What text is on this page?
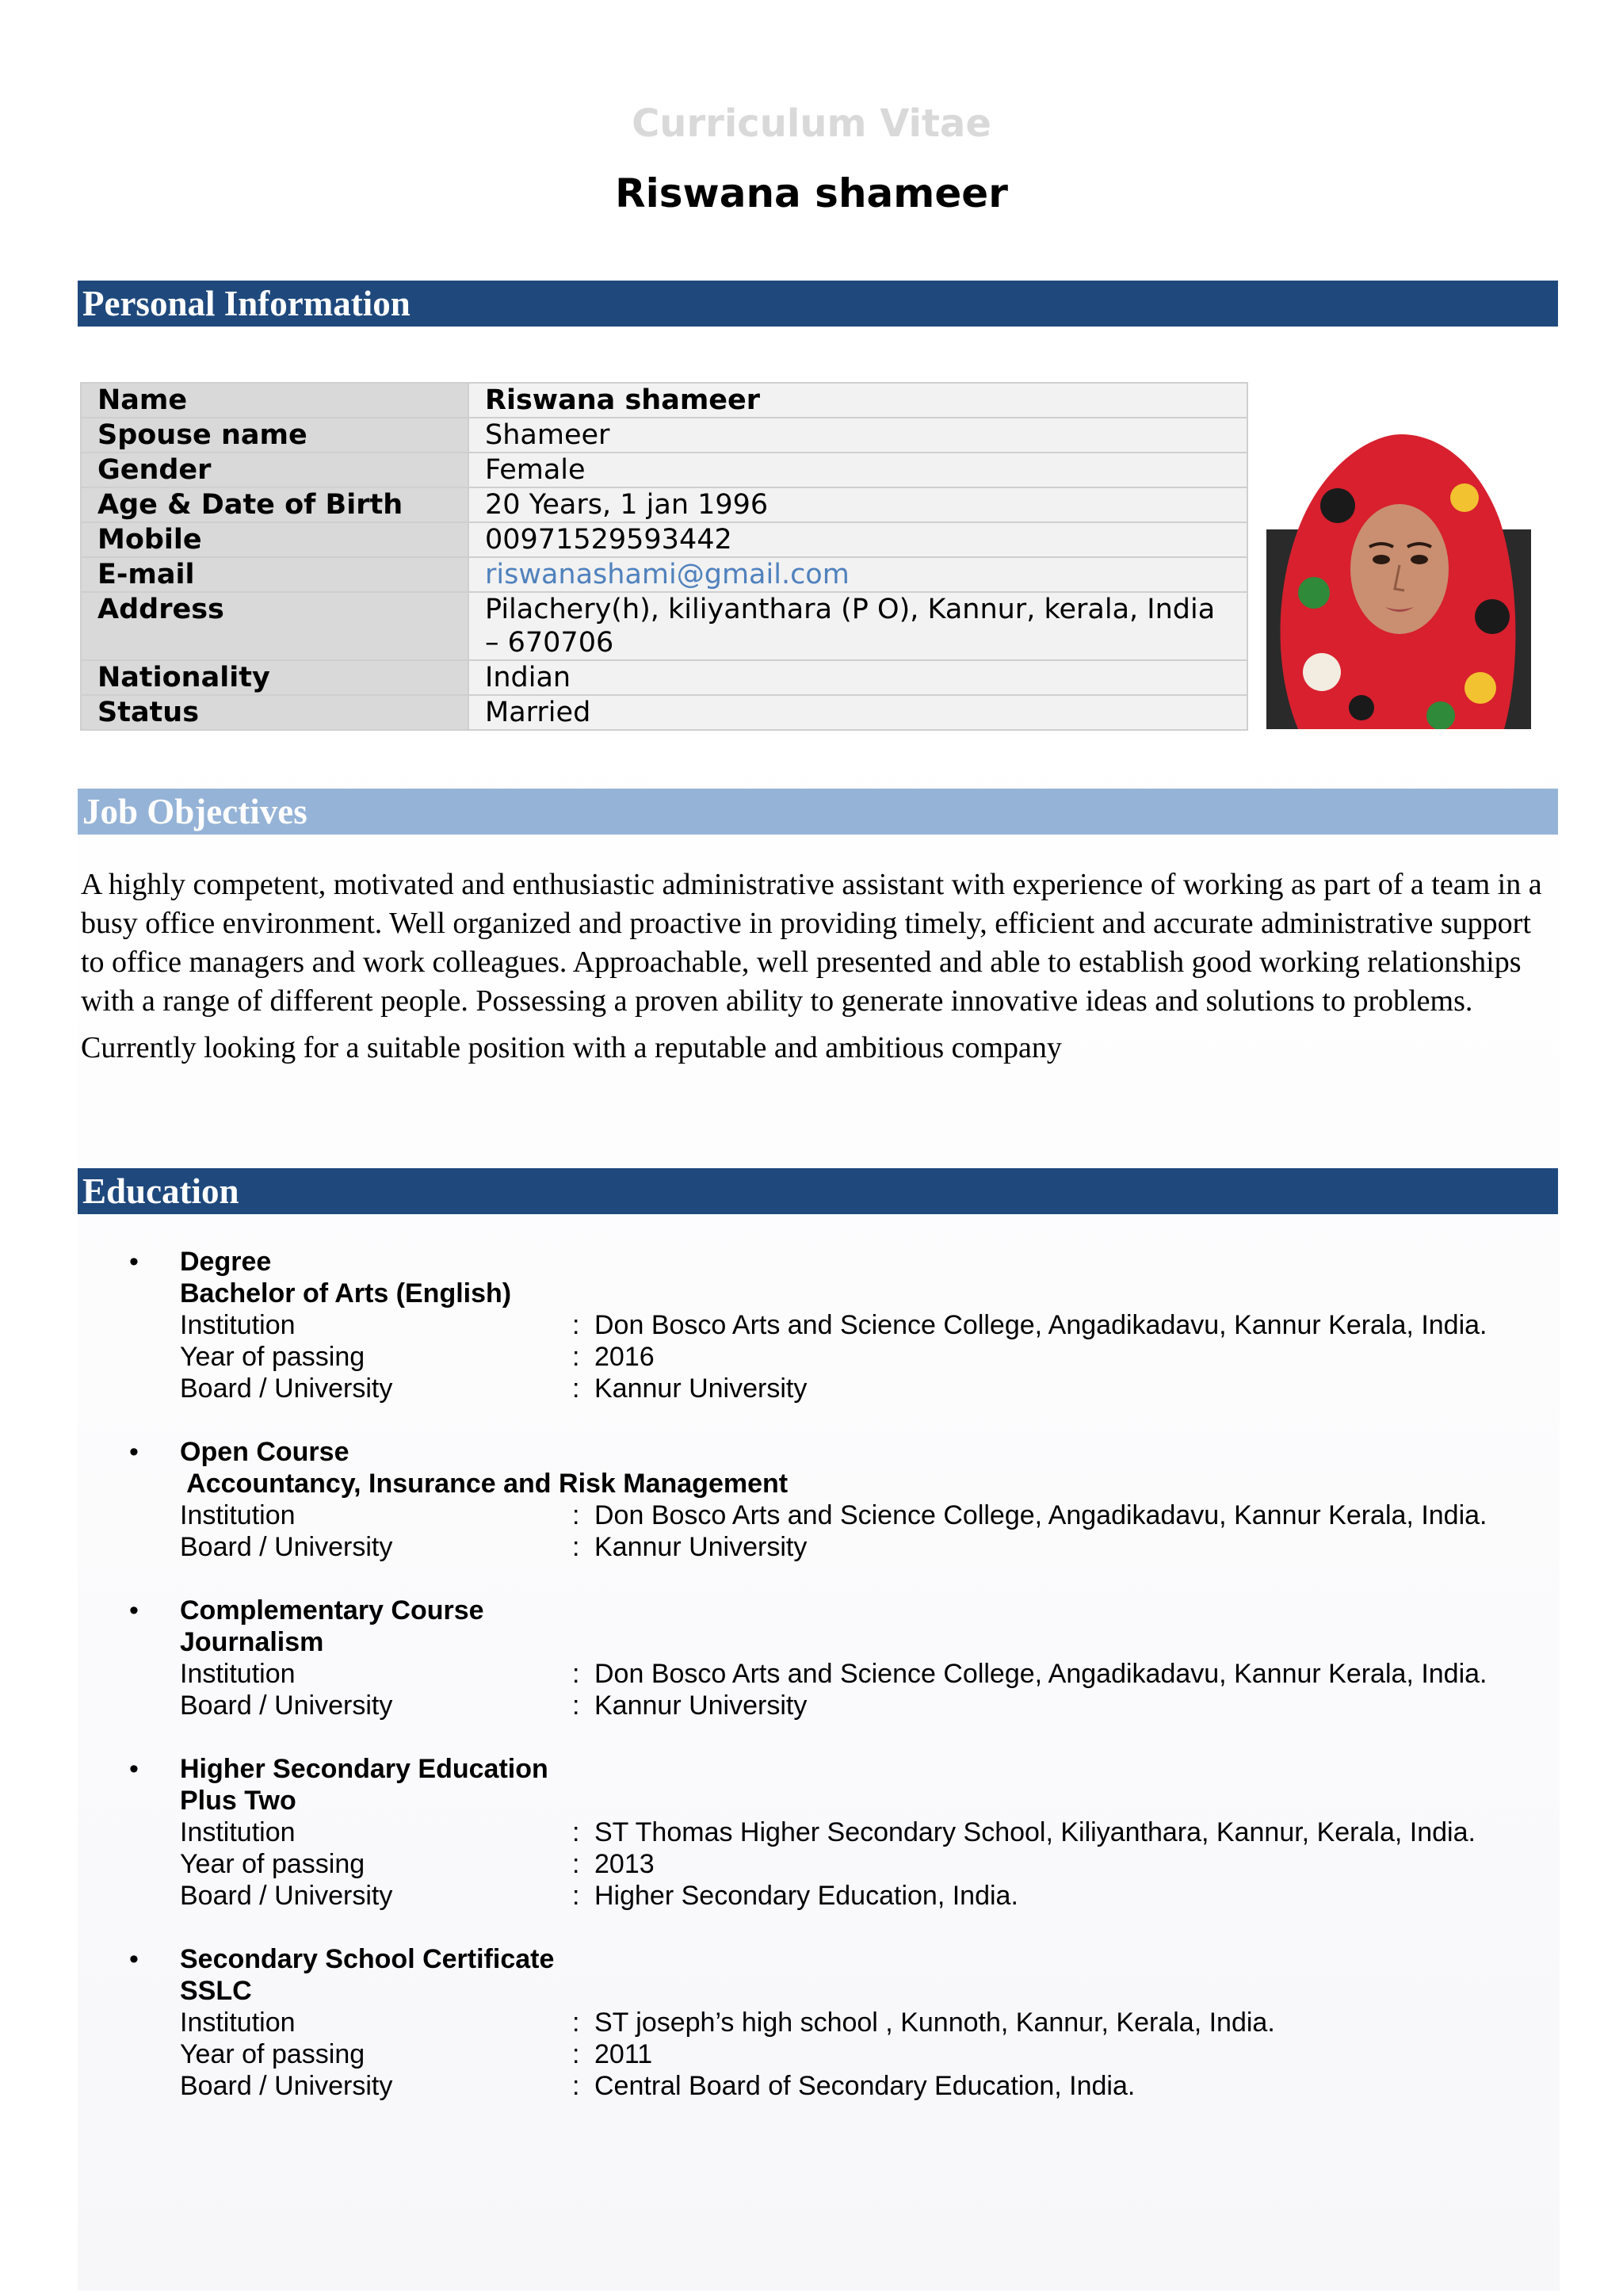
Curriculum Vitae
Riswana shameer
Personal Information
Name	Riswana shameer
Spouse name	Shameer
Gender	Female
Age & Date of Birth	20 Years, 1 jan 1996
Mobile	00971529593442
E-mail	riswanashami@gmail.com
Address	Pilachery(h), kiliyanthara (P O), Kannur, kerala, India – 670706
Nationality	Indian
Status	Married
Job Objectives

A highly competent, motivated and enthusiastic administrative assistant with experience of working as part of a team in a busy office environment. Well organized and proactive in providing timely, efficient and accurate administrative support to office managers and work colleagues. Approachable, well presented and able to establish good working relationships with a range of different people. Possessing a proven ability to generate innovative ideas and solutions to problems.

Currently looking for a suitable position with a reputable and ambitious company

Education
• Degree
Bachelor of Arts (English)
Institution	: Don Bosco Arts and Science College, Angadikadavu, Kannur Kerala, India.
Year of passing	: 2016
Board / University	: Kannur University
• Open Course
Accountancy, Insurance and Risk Management
Institution	: Don Bosco Arts and Science College, Angadikadavu, Kannur Kerala, India.
Board / University	: Kannur University
• Complementary Course
Journalism
Institution	: Don Bosco Arts and Science College, Angadikadavu, Kannur Kerala, India.
Board / University	: Kannur University
• Higher Secondary Education
Plus Two
Institution	: ST Thomas Higher Secondary School, Kiliyanthara, Kannur, Kerala, India.
Year of passing	: 2013
Board / University	: Higher Secondary Education, India.
• Secondary School Certificate
SSLC
Institution	: ST joseph’s high school , Kunnoth, Kannur, Kerala, India.
Year of passing	: 2011
Board / University	: Central Board of Secondary Education, India.
